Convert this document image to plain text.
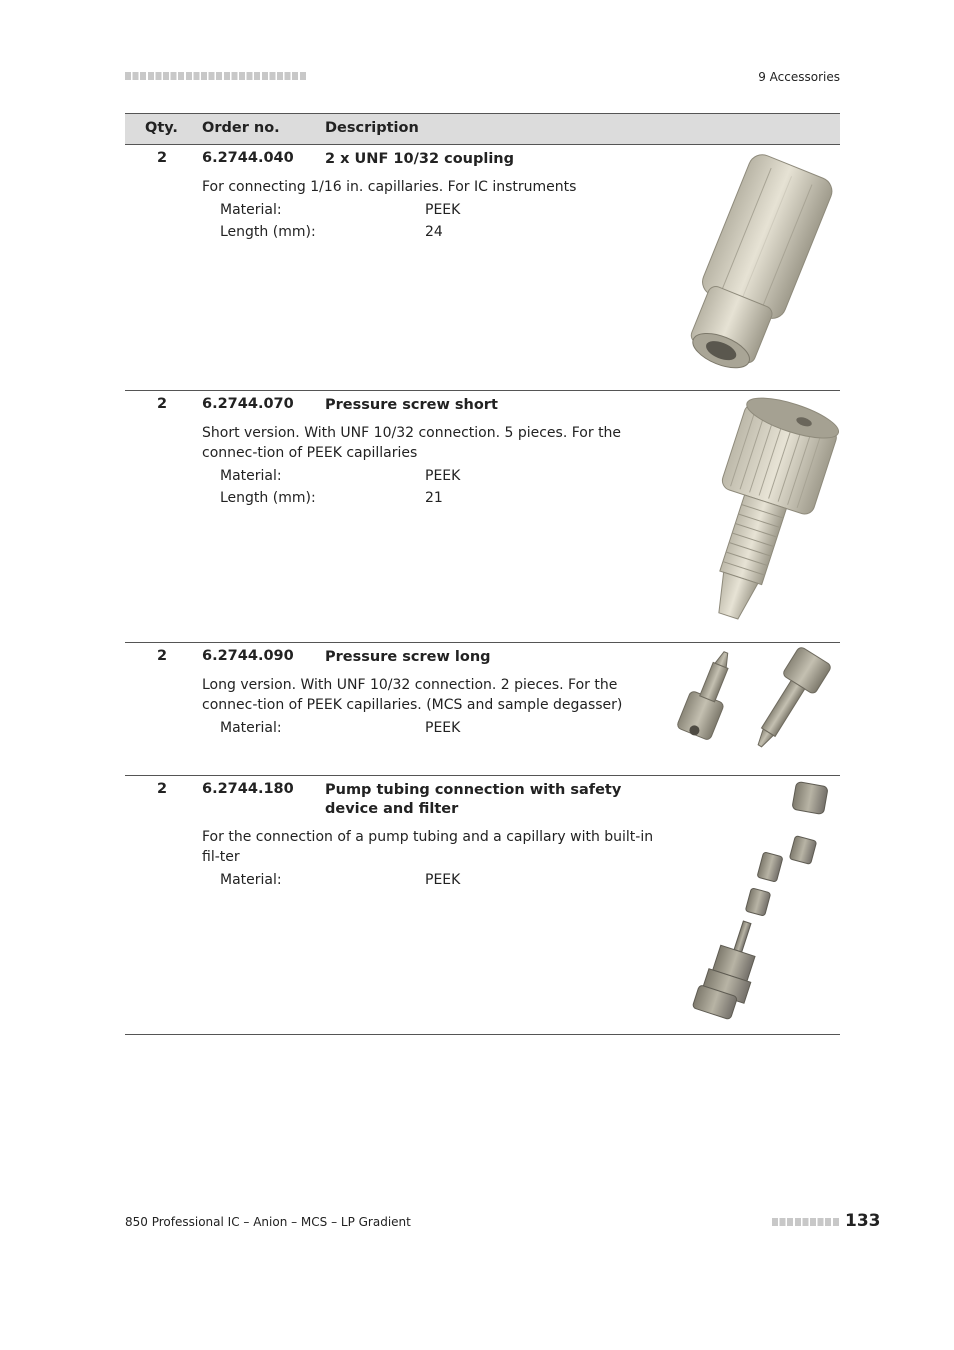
9 Accessories
Qty. Order no.	Description
2 6.2744.040 2 x UNF 10/32 coupling
For connecting 1/16 in. capillaries. For IC instruments
Material:	PEEK
Length (mm):	24
2 6.2744.070 Pressure screw short
Short version. With UNF 10/32 connection. 5 pieces. For the connec-tion of PEEK capillaries
Material:	PEEK
Length (mm):	21
2 6.2744.090 Pressure screw long
Long version. With UNF 10/32 connection. 2 pieces. For the connec-tion of PEEK capillaries. (MCS and sample degasser)
Material:	PEEK
2 6.2744.180 Pump tubing connection with safety device and filter
For the connection of a pump tubing and a capillary with built-in fil-ter
Material:	PEEK
850 Professional IC – Anion – MCS – LP Gradient	133
